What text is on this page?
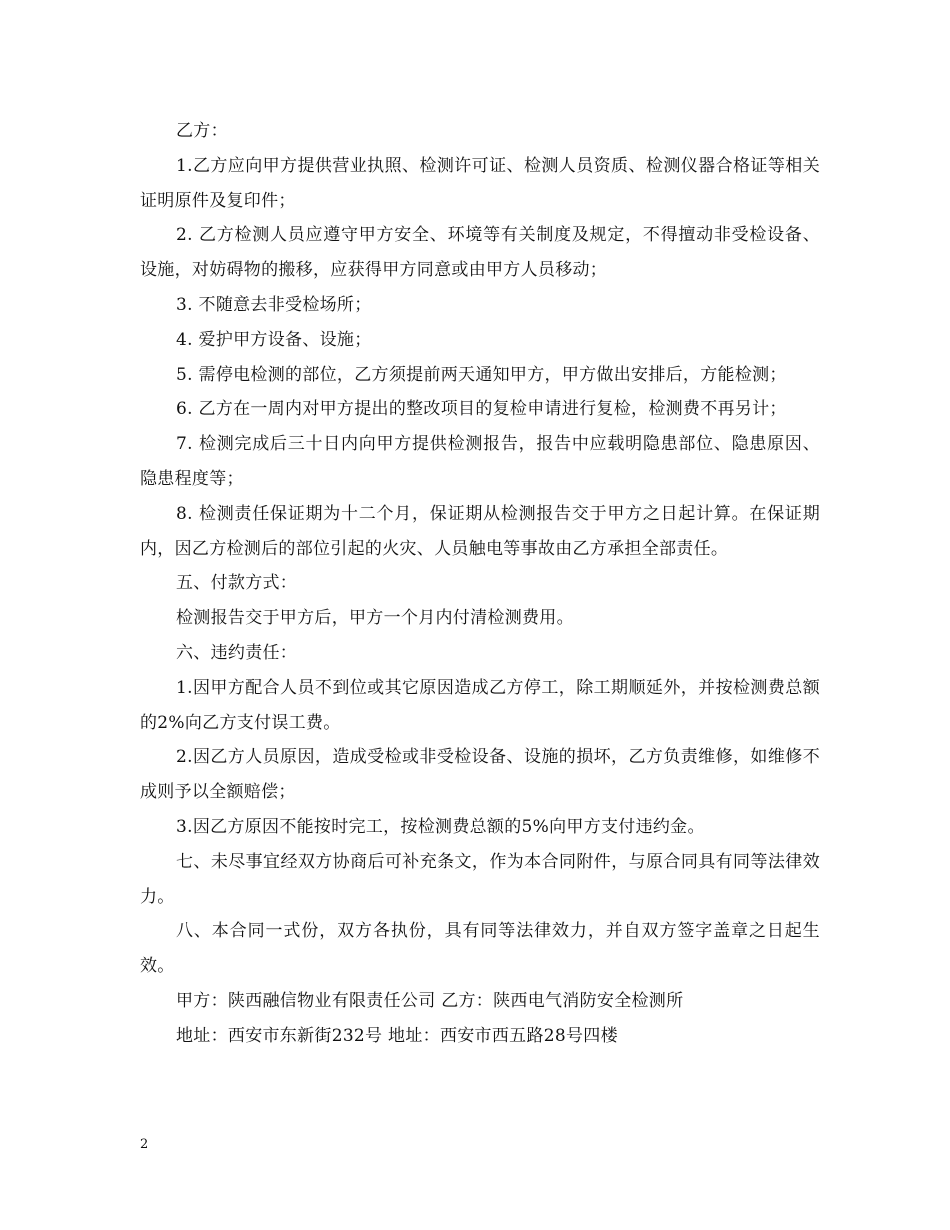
乙方：

1.乙方应向甲方提供营业执照、检测许可证、检测人员资质、检测仪器合格证等相关证明原件及复印件；

2. 乙方检测人员应遵守甲方安全、环境等有关制度及规定，不得擅动非受检设备、设施，对妨碍物的搬移，应获得甲方同意或由甲方人员移动；

3. 不随意去非受检场所；

4. 爱护甲方设备、设施；

5. 需停电检测的部位，乙方须提前两天通知甲方，甲方做出安排后，方能检测；

6. 乙方在一周内对甲方提出的整改项目的复检申请进行复检，检测费不再另计；

7. 检测完成后三十日内向甲方提供检测报告，报告中应载明隐患部位、隐患原因、隐患程度等；

8. 检测责任保证期为十二个月，保证期从检测报告交于甲方之日起计算。在保证期内，因乙方检测后的部位引起的火灾、人员触电等事故由乙方承担全部责任。

五、付款方式：

检测报告交于甲方后，甲方一个月内付清检测费用。

六、违约责任：

1.因甲方配合人员不到位或其它原因造成乙方停工，除工期顺延外，并按检测费总额的2%向乙方支付误工费。

2.因乙方人员原因，造成受检或非受检设备、设施的损坏，乙方负责维修，如维修不成则予以全额赔偿；

3.因乙方原因不能按时完工，按检测费总额的5%向甲方支付违约金。

七、未尽事宜经双方协商后可补充条文，作为本合同附件，与原合同具有同等法律效力。

八、本合同一式份，双方各执份，具有同等法律效力，并自双方签字盖章之日起生效。

甲方：陕西融信物业有限责任公司 乙方：陕西电气消防安全检测所

地址：西安市东新街232号 地址：西安市西五路28号四楼

2
